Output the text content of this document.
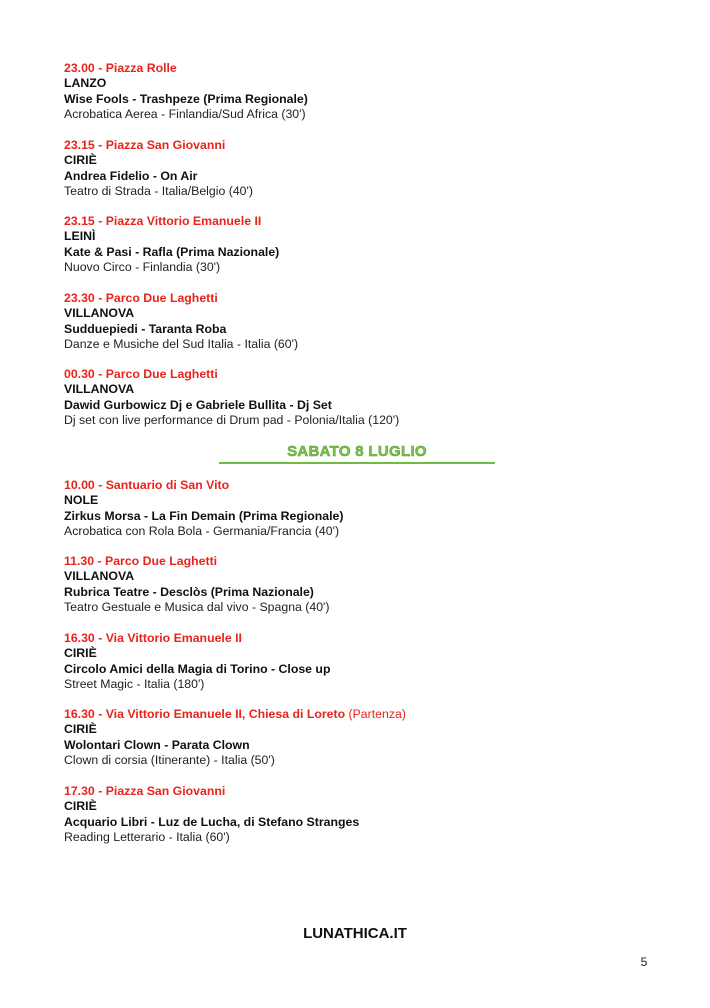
23.00 - Piazza Rolle
LANZO
Wise Fools - Trashpeze (Prima Regionale)
Acrobatica Aerea - Finlandia/Sud Africa (30')
23.15 - Piazza San Giovanni
CIRIÈ
Andrea Fidelio - On Air
Teatro di Strada - Italia/Belgio (40')
23.15 - Piazza Vittorio Emanuele II
LEINÌ
Kate & Pasi - Rafla (Prima Nazionale)
Nuovo Circo - Finlandia (30')
23.30 - Parco Due Laghetti
VILLANOVA
Sudduepiedi - Taranta Roba
Danze e Musiche del Sud Italia - Italia (60')
00.30 - Parco Due Laghetti
VILLANOVA
Dawid Gurbowicz Dj e Gabriele Bullita - Dj Set
Dj set con live performance di Drum pad - Polonia/Italia (120')
SABATO 8 LUGLIO
10.00 - Santuario di San Vito
NOLE
Zirkus Morsa - La Fin Demain (Prima Regionale)
Acrobatica con Rola Bola - Germania/Francia (40')
11.30 - Parco Due Laghetti
VILLANOVA
Rubrica Teatre - Desclòs (Prima Nazionale)
Teatro Gestuale e Musica dal vivo - Spagna (40')
16.30 - Via Vittorio Emanuele II
CIRIÈ
Circolo Amici della Magia di Torino - Close up
Street Magic - Italia (180')
16.30 - Via Vittorio Emanuele II, Chiesa di Loreto (Partenza)
CIRIÈ
Wolontari Clown - Parata Clown
Clown di corsia (Itinerante) - Italia (50')
17.30 - Piazza San Giovanni
CIRIÈ
Acquario Libri - Luz de Lucha, di Stefano Stranges
Reading Letterario - Italia (60')
LUNATHICA.IT
5
